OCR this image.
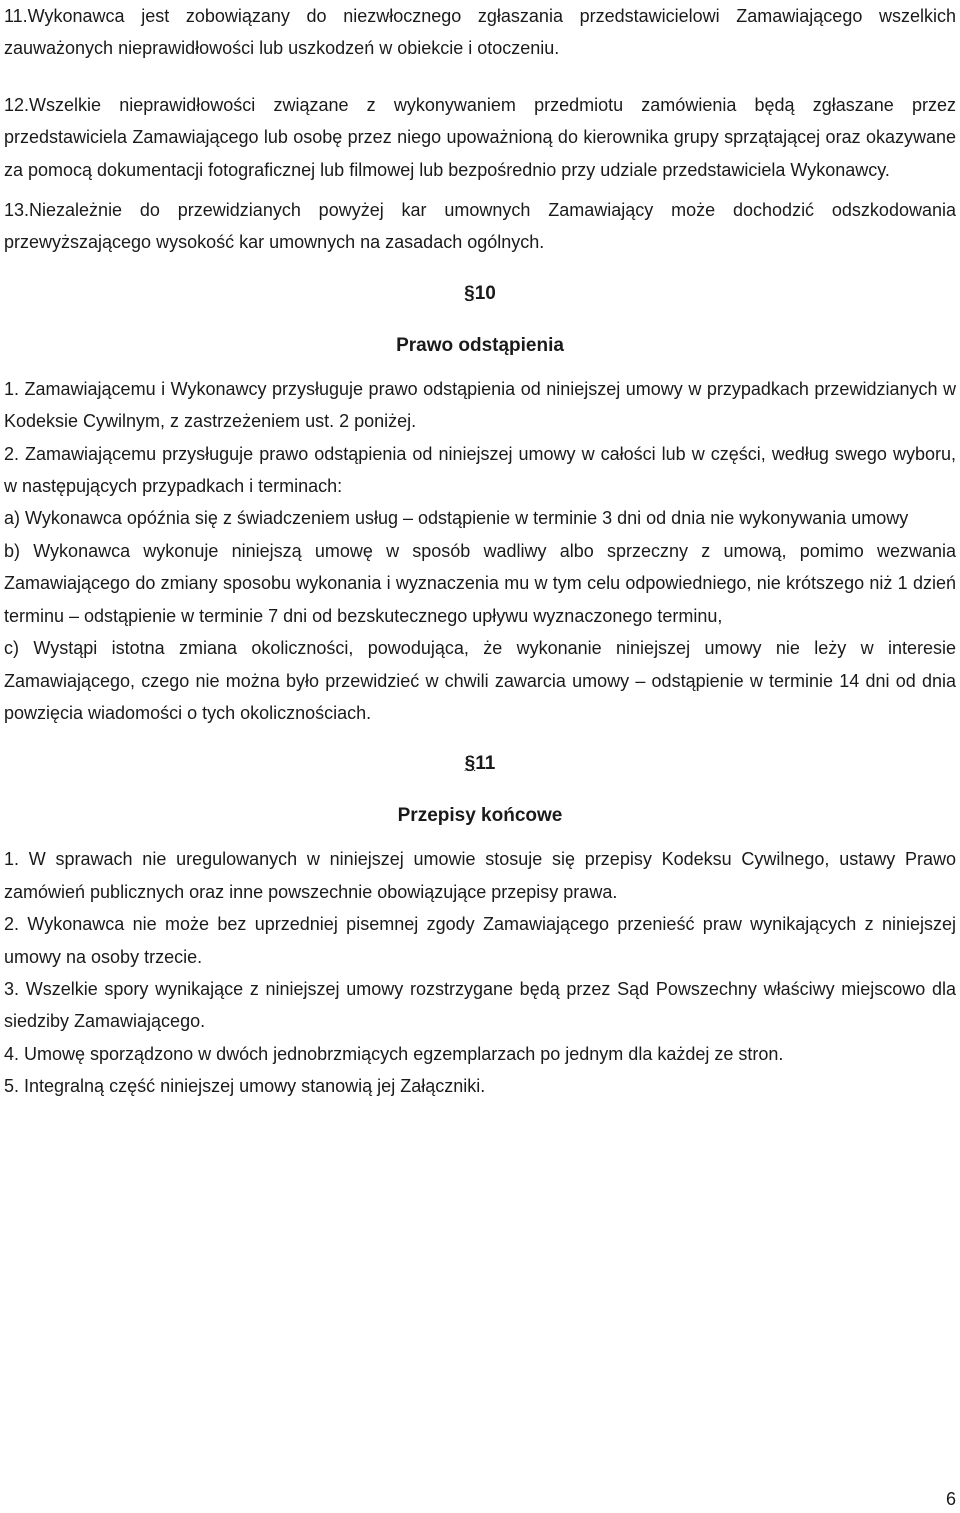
11.Wykonawca jest zobowiązany do niezwłocznego zgłaszania przedstawicielowi Zamawiającego wszelkich zauważonych nieprawidłowości lub uszkodzeń w obiekcie i otoczeniu.

12.Wszelkie nieprawidłowości związane z wykonywaniem przedmiotu zamówienia będą zgłaszane przez przedstawiciela Zamawiającego lub osobę przez niego upoważnioną do kierownika grupy sprzątającej oraz okazywane za pomocą dokumentacji fotograficznej lub filmowej lub bezpośrednio przy udziale przedstawiciela Wykonawcy.

13.Niezależnie do przewidzianych powyżej kar umownych Zamawiający może dochodzić odszkodowania przewyższającego wysokość kar umownych na zasadach ogólnych.

§10
Prawo odstąpienia

1. Zamawiającemu i Wykonawcy przysługuje prawo odstąpienia od niniejszej umowy w przypadkach przewidzianych w Kodeksie Cywilnym, z zastrzeżeniem ust. 2 poniżej.

2. Zamawiającemu przysługuje prawo odstąpienia od niniejszej umowy w całości lub w części, według swego wyboru, w następujących przypadkach i terminach:

a) Wykonawca opóźnia się z świadczeniem usług – odstąpienie w terminie 3 dni od dnia nie wykonywania umowy

b) Wykonawca wykonuje niniejszą umowę w sposób wadliwy albo sprzeczny z umową, pomimo wezwania Zamawiającego do zmiany sposobu wykonania i wyznaczenia mu w tym celu odpowiedniego, nie krótszego niż 1 dzień terminu – odstąpienie w terminie 7 dni od bezskutecznego upływu wyznaczonego terminu,

c) Wystąpi istotna zmiana okoliczności, powodująca, że wykonanie niniejszej umowy nie leży w interesie Zamawiającego, czego nie można było przewidzieć w chwili zawarcia umowy – odstąpienie w terminie 14 dni od dnia powzięcia wiadomości o tych okolicznościach.

§11
Przepisy końcowe

1. W sprawach nie uregulowanych w niniejszej umowie stosuje się przepisy Kodeksu Cywilnego, ustawy Prawo zamówień publicznych oraz inne powszechnie obowiązujące przepisy prawa.

2. Wykonawca nie może bez uprzedniej pisemnej zgody Zamawiającego przenieść praw wynikających z niniejszej umowy na osoby trzecie.

3. Wszelkie spory wynikające z niniejszej umowy rozstrzygane będą przez Sąd Powszechny właściwy miejscowo dla siedziby Zamawiającego.

4. Umowę sporządzono w dwóch jednobrzmiących egzemplarzach po jednym dla każdej ze stron.

5. Integralną część niniejszej umowy stanowią jej Załączniki.

6
